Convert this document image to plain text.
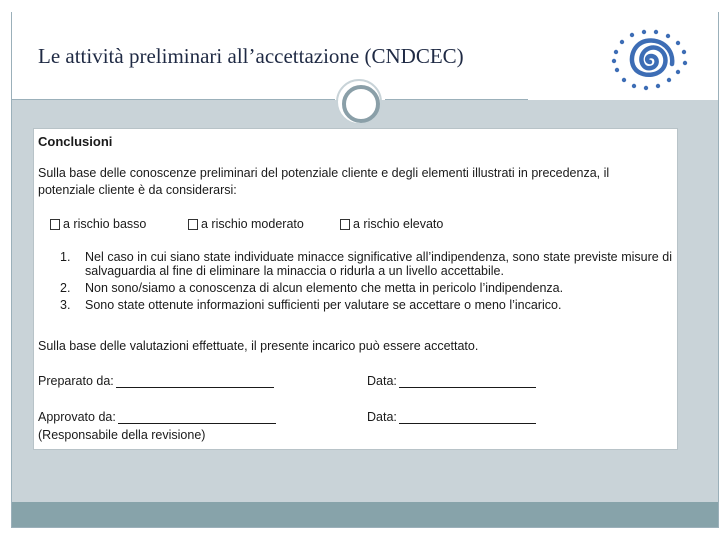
Le attività preliminari all’accettazione (CNDCEC)
Conclusioni
Sulla base delle conoscenze preliminari del potenziale cliente e degli elementi illustrati in precedenza, il potenziale cliente è da considerarsi:
a rischio basso	a rischio moderato	a rischio elevato
1.	Nel caso in cui siano state individuate minacce significative all’indipendenza, sono state previste misure di salvaguardia al fine di eliminare la minaccia o ridurla a un livello accettabile.
2.	Non sono/siamo a conoscenza di alcun elemento che metta in pericolo l’indipendenza.
3.	Sono state ottenute informazioni sufficienti per valutare se accettare o meno l’incarico.
Sulla base delle valutazioni effettuate, il presente incarico può essere accettato.
Preparato da:	Data:
Approvato da:	Data:
(Responsabile della revisione)
